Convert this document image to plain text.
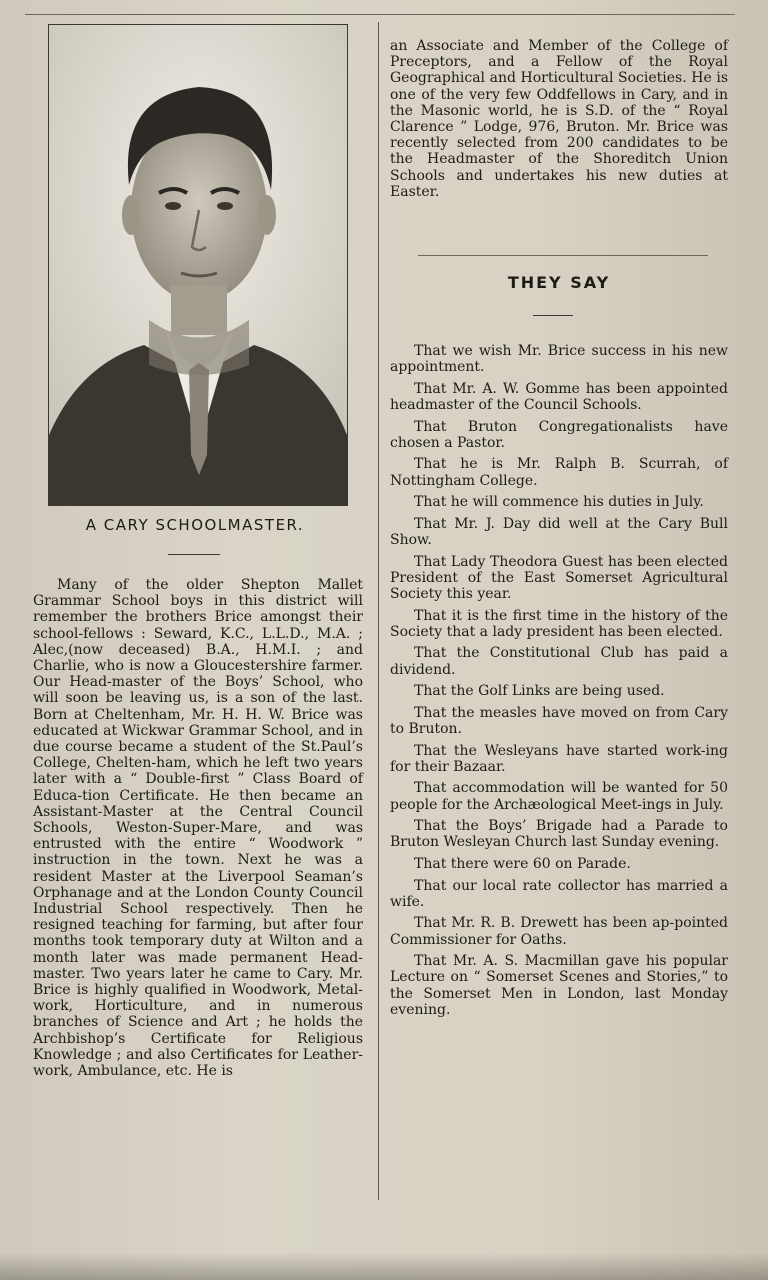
A CARY SCHOOLMASTER.

Many of the older Shepton Mallet Grammar School boys in this district will remember the brothers Brice amongst their school-fellows : Seward, K.C., L.L.D., M.A. ; Alec,(now deceased) B.A., H.M.I. ; and Charlie, who is now a Gloucestershire farmer. Our Head-master of the Boys’ School, who will soon be leaving us, is a son of the last. Born at Cheltenham, Mr. H. H. W. Brice was educated at Wickwar Grammar School, and in due course became a student of the St.Paul’s College, Chelten-ham, which he left two years later with a “ Double-first ” Class Board of Educa-tion Certificate. He then became an Assistant-Master at the Central Council Schools, Weston-Super-Mare, and was entrusted with the entire “ Woodwork ” instruction in the town. Next he was a resident Master at the Liverpool Seaman’s Orphanage and at the London County Council Industrial School respectively. Then he resigned teaching for farming, but after four months took temporary duty at Wilton and a month later was made permanent Head-master. Two years later he came to Cary. Mr. Brice is highly qualified in Woodwork, Metal-work, Horticulture, and in numerous branches of Science and Art ; he holds the Archbishop’s Certificate for Religious Knowledge ; and also Certificates for Leather-work, Ambulance, etc. He is

an Associate and Member of the College of Preceptors, and a Fellow of the Royal Geographical and Horticultural Societies. He is one of the very few Oddfellows in Cary, and in the Masonic world, he is S.D. of the “ Royal Clarence ” Lodge, 976, Bruton. Mr. Brice was recently selected from 200 candidates to be the Headmaster of the Shoreditch Union Schools and undertakes his new duties at Easter.

THEY SAY

That we wish Mr. Brice success in his new appointment.

That Mr. A. W. Gomme has been appointed headmaster of the Council Schools.

That Bruton Congregationalists have chosen a Pastor.

That he is Mr. Ralph B. Scurrah, of Nottingham College.

That he will commence his duties in July.

That Mr. J. Day did well at the Cary Bull Show.

That Lady Theodora Guest has been elected President of the East Somerset Agricultural Society this year.

That it is the first time in the history of the Society that a lady president has been elected.

That the Constitutional Club has paid a dividend.

That the Golf Links are being used.

That the measles have moved on from Cary to Bruton.

That the Wesleyans have started work-ing for their Bazaar.

That accommodation will be wanted for 50 people for the Archæological Meet-ings in July.

That the Boys’ Brigade had a Parade to Bruton Wesleyan Church last Sunday evening.

That there were 60 on Parade.

That our local rate collector has married a wife.

That Mr. R. B. Drewett has been ap-pointed Commissioner for Oaths.

That Mr. A. S. Macmillan gave his popular Lecture on “ Somerset Scenes and Stories,” to the Somerset Men in London, last Monday evening.
